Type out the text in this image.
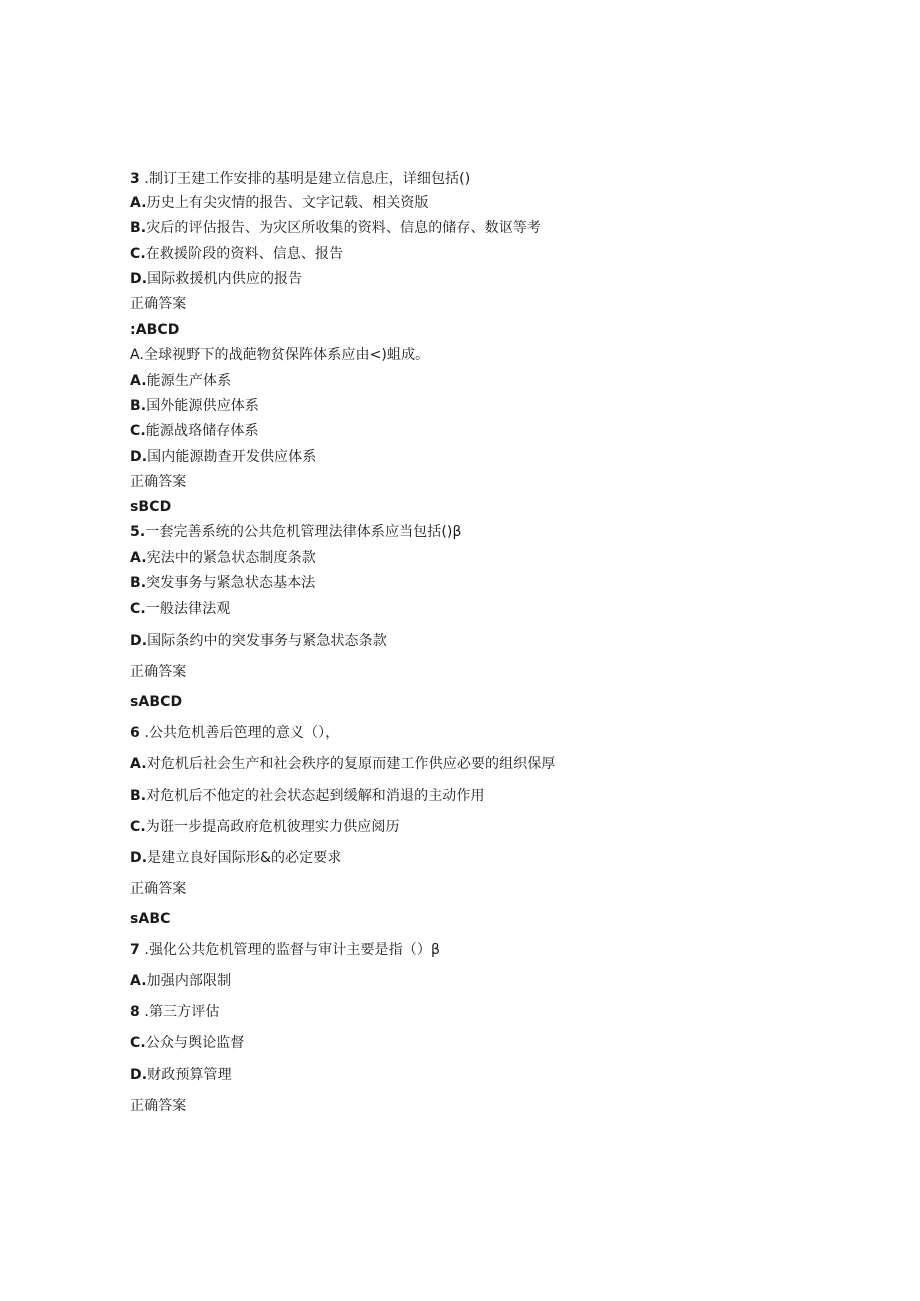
3 .制订王建工作安排的基明是建立信息庄，详细包括()
A.历史上有尖灾情的报告、文字记载、相关资版
B.灾后的评估报告、为灾区所收集的资料、信息的储存、数讴等考
C.在救援阶段的资料、信息、报告
D.国际救援机内供应的报告
正确答案
:ABCD
A.全球视野下的战葩物贫保阵体系应由<)蛆成。
A.能源生产体系
B.国外能源供应体系
C.能源战珞储存体系
D.国内能源勘查开发供应体系
正确答案
sBCD
5.一套完善系统的公共危机管理法律体系应当包括()β
A.宪法中的紧急状态制度条款
B.突发事务与紧急状态基本法
C.一般法律法观
D.国际条约中的突发事务与紧急状态条款
正确答案
sABCD
6 .公共危机善后笆理的意义（），
A.对危机后社会生产和社会秩序的复原而建工作供应必要的组织保厚
B.对危机后不他定的社会状态起到缓解和消退的主动作用
C.为诳一步提高政府危机彼理实力供应阅历
D.是建立良好国际形&的必定要求
正确答案
sABC
7 .强化公共危机管理的监督与审计主要是指（）β
A.加强内部限制
8 .第三方评估
C.公众与舆论监督
D.财政预算管理
正确答案
